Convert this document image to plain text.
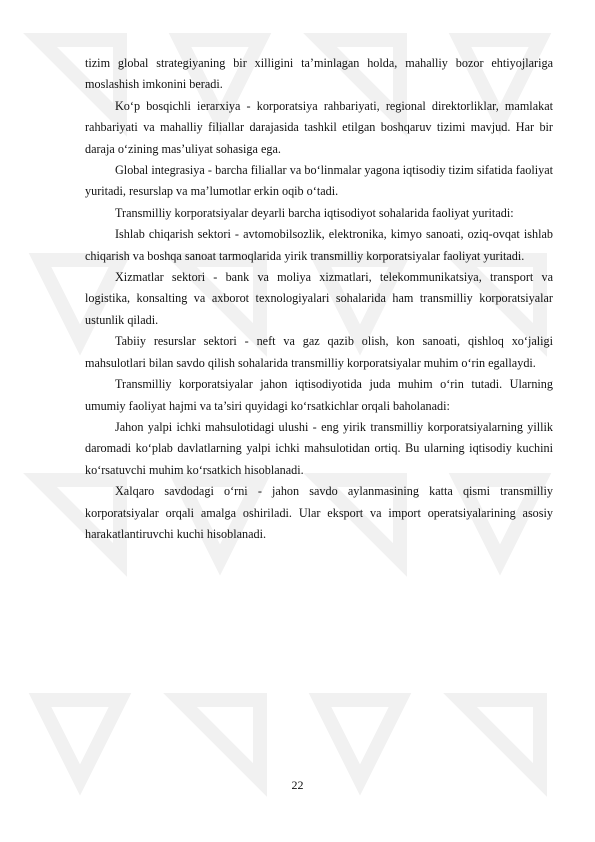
tizim global strategiyaning bir xilligini ta’minlagan holda, mahalliy bozor ehtiyojlariga moslashish imkonini beradi.

Ko‘p bosqichli ierarxiya - korporatsiya rahbariyati, regional direktorliklar, mamlakat rahbariyati va mahalliy filiallar darajasida tashkil etilgan boshqaruv tizimi mavjud. Har bir daraja o‘zining mas’uliyat sohasiga ega.

Global integrasiya - barcha filiallar va bo‘linmalar yagona iqtisodiy tizim sifatida faoliyat yuritadi, resurslap va ma’lumotlar erkin oqib o‘tadi.

Transmilliy korporatsiyalar deyarli barcha iqtisodiyot sohalarida faoliyat yuritadi:

Ishlab chiqarish sektori - avtomobilsozlik, elektronika, kimyo sanoati, oziq-ovqat ishlab chiqarish va boshqa sanoat tarmoqlarida yirik transmilliy korporatsiyalar faoliyat yuritadi.

Xizmatlar sektori - bank va moliya xizmatlari, telekommunikatsiya, transport va logistika, konsalting va axborot texnologiyalari sohalarida ham transmilliy korporatsiyalar ustunlik qiladi.

Tabiiy resurslar sektori - neft va gaz qazib olish, kon sanoati, qishloq xo‘jaligi mahsulotlari bilan savdo qilish sohalarida transmilliy korporatsiyalar muhim o‘rin egallaydi.

Transmilliy korporatsiyalar jahon iqtisodiyotida juda muhim o‘rin tutadi. Ularning umumiy faoliyat hajmi va ta’siri quyidagi ko‘rsatkichlar orqali baholanadi:

Jahon yalpi ichki mahsulotidagi ulushi - eng yirik transmilliy korporatsiyalarning yillik daromadi ko‘plab davlatlarning yalpi ichki mahsulotidan ortiq. Bu ularning iqtisodiy kuchini ko‘rsatuvchi muhim ko‘rsatkich hisoblanadi.

Xalqaro savdodagi o‘rni - jahon savdo aylanmasining katta qismi transmilliy korporatsiyalar orqali amalga oshiriladi. Ular eksport va import operatsiyalarining asosiy harakatlantiruvchi kuchi hisoblanadi.

22
